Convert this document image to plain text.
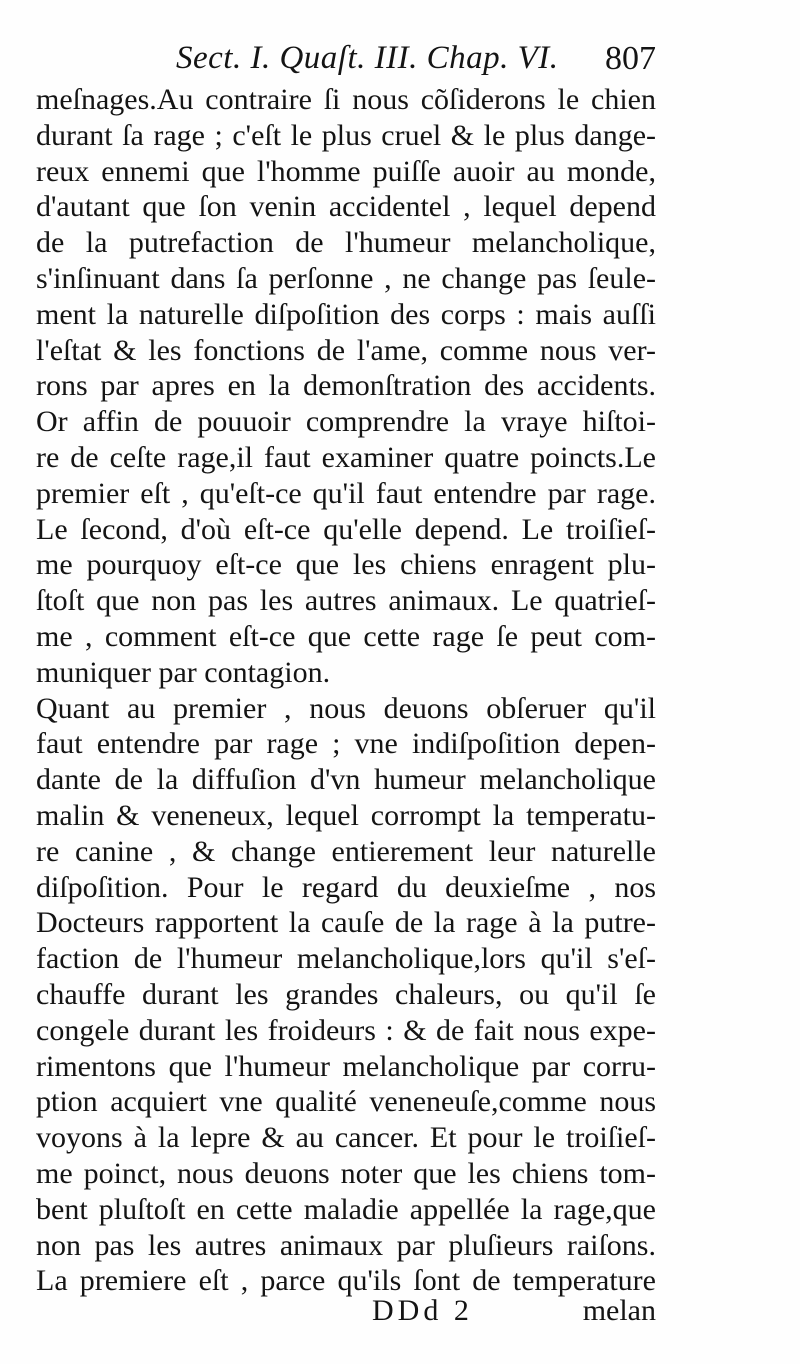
Sect. I. Quaſt. III. Chap. VI. 807
meſnages.Au contraire ſi nous cõſiderons le chien
durant ſa rage ; c'eſt le plus cruel & le plus dange-
reux ennemi que l'homme puiſſe auoir au monde,
d'autant que ſon venin accidentel , lequel depend
de la putrefaction de l'humeur melancholique,
s'inſinuant dans ſa perſonne , ne change pas ſeule-
ment la naturelle diſpoſition des corps : mais auſſi
l'eſtat & les fonctions de l'ame, comme nous ver-
rons par apres en la demonſtration des accidents.
Or affin de pouuoir comprendre la vraye hiſtoi-
re de ceſte rage,il faut examiner quatre poincts.Le
premier eſt , qu'eſt-ce qu'il faut entendre par rage.
Le ſecond, d'où eſt-ce qu'elle depend. Le troiſieſ-
me pourquoy eſt-ce que les chiens enragent plu-
ſtoſt que non pas les autres animaux. Le quatrieſ-
me , comment eſt-ce que cette rage ſe peut com-
muniquer par contagion.
Quant au premier , nous deuons obſeruer qu'il
faut entendre par rage ; vne indiſpoſition depen-
dante de la diffuſion d'vn humeur melancholique
malin & veneneux, lequel corrompt la temperatu-
re canine , & change entierement leur naturelle
diſpoſition. Pour le regard du deuxieſme , nos
Docteurs rapportent la cauſe de la rage à la putre-
faction de l'humeur melancholique,lors qu'il s'eſ-
chauffe durant les grandes chaleurs, ou qu'il ſe
congele durant les froideurs : & de fait nous expe-
rimentons que l'humeur melancholique par corru-
ption acquiert vne qualité veneneuſe,comme nous
voyons à la lepre & au cancer. Et pour le troiſieſ-
me poinct, nous deuons noter que les chiens tom-
bent pluſtoſt en cette maladie appellée la rage,que
non pas les autres animaux par pluſieurs raiſons.
La premiere eſt , parce qu'ils ſont de temperature
DDd 2	melan
